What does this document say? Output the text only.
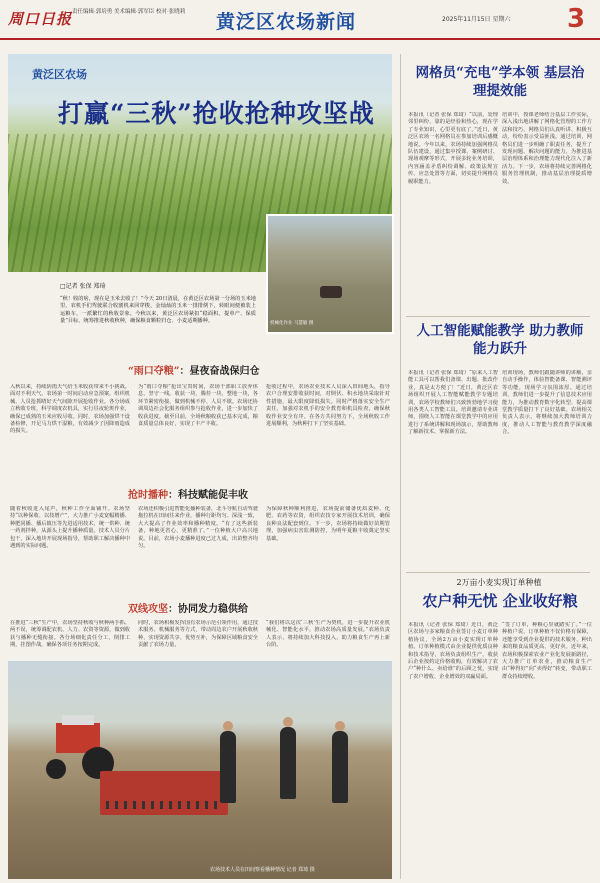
周口日报 责任编辑·郭培勇 美术编辑·郭军臣 校对·张晓莉 黄泛区农场新闻	2025年11月15日 星期六 3
黄泛区农场
打赢“三秋”抢收抢种攻坚战
机械化作业 马慧敏 摄
□记者 张保 郑琦
“秋！收的啥，现在是玉米去收了！”今天 20日清晨，在黄泛区农场第一分场的玉米地里，农机手们驾驶联合收割机来回穿梭，金灿灿的玉米一排排倒下，转眼间便被装上运粮车，一派繁忙的秋收景象。今秋以来，黄泛区农场紧扣“稳面积、提单产、保质量”目标，统筹推进秋收秋种，确保粮食颗粒归仓、小麦适期播种。
“雨口夺粮”：昼夜奋战保归仓
入秋以来，持续阴雨天气给玉米收获带来不小挑战。面对不利天气，农场第一时间启动应急预案，组织机械、人员抢抓晴好天气间隙开展抢收作业。各分场成立秋收专班，科学调度农机具，实行昼夜轮班作业，确保已成熟的玉米应收尽收。同时，农场加强烘干设备检修，开足马力烘干湿粮，有效减少了因降雨造成的损失。
为“雨口夺粮”抢出宝贵时间，农场干部职工放弃休息，坚守一线。收获一块、腾茬一块、整地一块，各环节紧密衔接，做到机械不停、人员不歇。农场还协调周边社会化服务组织参与抢收作业，进一步加快了收获进度。截至目前，全场秋粮收获已基本完成，粮食质量总体良好，实现了丰产丰收。
抢收过程中，农场农业技术人员深入田间地头，指导农户合理安排收获时间，对倒伏、积水地块采取针对性措施，最大限度降低损失。同时严格落实安全生产责任，加强对农机手的安全教育和机具检查，确保秋收作业安全有序。在各方共同努力下，全场秋收工作进展顺利，为秋种打下了坚实基础。
抢时播种：科技赋能促丰收
随着秋收进入尾声，秋种工作全面铺开。农场坚持“以种保收、以技增产”，大力推广小麦宽幅精播、种肥同播、播后镇压等先进适用技术，统一供种、统一药剂拌种，从源头上提升播种质量。技术人员分片包干，深入地块开展现场指导，帮助职工解决播种中遇到的实际问题。
农场还积极引进智能化播种装备，北斗导航自动驾驶拖拉机在田间往来作业，播种行距均匀、深浅一致，大大提高了作业效率和播种精度。“有了这些新装备，种地更省心、更精准了。”一位种植大户高兴地说。目前，农场小麦播种进度已过九成，出苗整齐均匀。
为保障秋种顺利推进，农场提前储备优质麦种、化肥、农药等农资，组织农技专家开展技术培训，确保良种良法配套到位。下一步，农场将持续做好苗期管理，加强病虫害监测防控，为明年夏粮丰收奠定坚实基础。
双线攻坚：协同发力稳供给
在推进“三秋”生产中，农场坚持秋收与秋种两手抓、两不误，统筹调配农机、人力、农资等资源，做到收获与播种无缝衔接。各分场细化责任分工，倒排工期，挂图作战，确保各项任务按期完成。
同时，农场积极发挥国有农场示范引领作用，通过技术服务、机械服务等方式，带动周边农户开展秋收秋种，实现资源共享、优势互补，为保障区域粮食安全贡献了农场力量。
“我们将以这次‘三秋’生产为契机，进一步提升农业机械化、智能化水平，推动农场高质量发展。”农场负责人表示，将持续加大科技投入，助力粮食生产再上新台阶。
农场技术人员在田间察看播种情况 记者 郑琦 摄
网格员“充电”学本领 基层治理提效能
本报讯（记者 张保 郑琦）“以前，处理邻里纠纷，靠的是经验和热心，现在学了专业知识，心里更有底了。”近日，黄泛区农场一名网格员在参加培训后感慨地说。今年以来，农场持续加强网格员队伍建设，通过集中授课、案例研讨、现场观摩等形式，开展多轮业务培训，内容涵盖矛盾纠纷调解、政策法规宣传、应急处置等方面，切实提升网格员履职能力。
培训中，授课老师结合基层工作实际，深入浅出地讲解了网格化管理的工作方法和技巧，网格员们认真听讲、积极互动，纷纷表示受益匪浅。通过培训，网格员们进一步明确了职责任务，提升了发现问题、解决问题的能力，为推进基层治理体系和治理能力现代化注入了新活力。下一步，农场将持续完善网格化服务管理机制，推动基层治理提质增效。
人工智能赋能教学 助力教师能力跃升
本报讯（记者 张保 郑琦）“原来人工智能工具可以帮我们备课、出题、批改作业，真是太方便了！”近日，黄泛区农场组织开展人工智能赋能教学专题培训，农场学校教师们兴致勃勃地学习使用各类人工智能工具。培训邀请专业讲师，围绕人工智能在课堂教学中的应用进行了系统讲解和现场演示，帮助教师了解新技术、掌握新方法。
培训现场，教师们跟随讲师的讲解，亲自动手操作，体验智能备课、智能测评等功能，现场学习氛围浓厚。通过培训，教师们进一步提升了信息技术应用能力，为推动教育数字化转型、提高课堂教学质量打下了良好基础。农场相关负责人表示，将继续加大教师培训力度，推动人工智能与教育教学深度融合。
2万亩小麦实现订单种植
农户种无忧 企业收好粮
本报讯（记者 张保 郑琦）近日，黄泛区农场与多家粮食企业签订小麦订单种植协议，全场2万亩小麦实现订单种植。订单种植模式由企业提供优质良种和技术指导，农场负责组织生产，收获后企业按约定价格收购，有效解决了农户“种什么、卖给谁”的后顾之忧，实现了农户增收、企业增效的双赢局面。
“签了订单，种粮心里就踏实了。”一位种植户说，订单种植不仅价格有保障，还能享受到企业提供的技术服务，种出来的粮食品质更高、更好卖。近年来，农场积极探索农业产业化发展新路径，大力推广订单农业，推动粮食生产由“种得好”向“卖得好”转变，带动职工群众持续增收。
